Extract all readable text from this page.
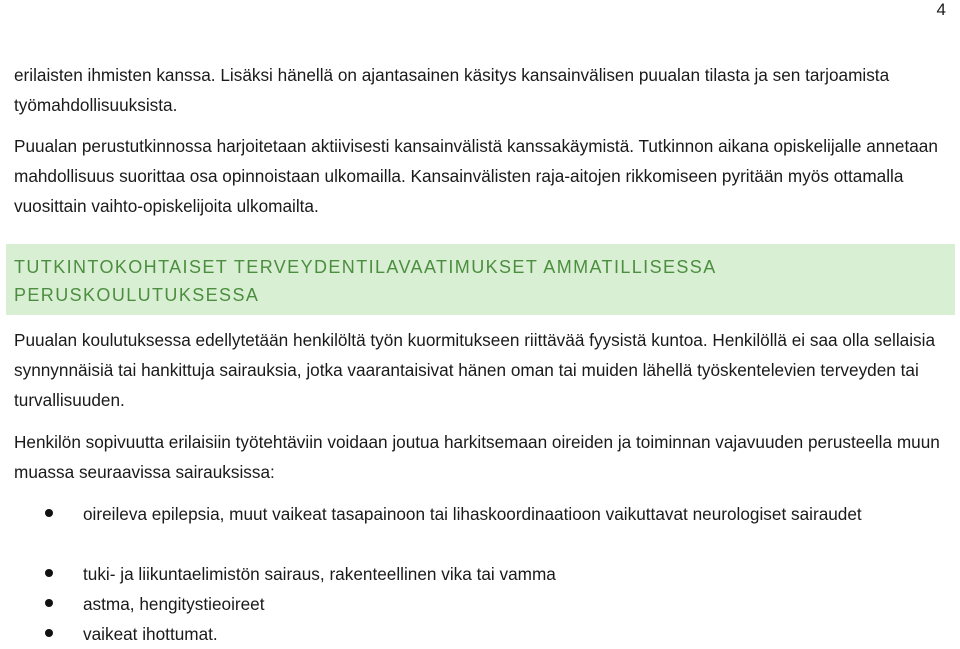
4

erilaisten ihmisten kanssa. Lisäksi hänellä on ajantasainen käsitys kansainvälisen puualan tilasta ja sen tarjoamista työmahdollisuuksista.

Puualan perustutkinnossa harjoitetaan aktiivisesti kansainvälistä kanssakäymistä. Tutkinnon aikana opiskelijalle annetaan mahdollisuus suorittaa osa opinnoistaan ulkomailla. Kansainvälisten raja-aitojen rikkomiseen pyritään myös ottamalla vuosittain vaihto-opiskelijoita ulkomailta.

TUTKINTOKOHTAISET TERVEYDENTILAVAATIMUKSET AMMATILLISESSA PERUSKOULUTUKSESSA

Puualan koulutuksessa edellytetään henkilöltä työn kuormitukseen riittävää fyysistä kuntoa. Henkilöllä ei saa olla sellaisia synnynnäisiä tai hankittuja sairauksia, jotka vaarantaisivat hänen oman tai muiden lähellä työskentelevien terveyden tai turvallisuuden.

Henkilön sopivuutta erilaisiin työtehtäviin voidaan joutua harkitsemaan oireiden ja toiminnan vajavuuden perusteella muun muassa seuraavissa sairauksissa:

oireileva epilepsia, muut vaikeat tasapainoon tai lihaskoordinaatioon vaikuttavat neurologiset sairaudet
tuki- ja liikuntaelimistön sairaus, rakenteellinen vika tai vamma
astma, hengitystieoireet
vaikeat ihottumat.
